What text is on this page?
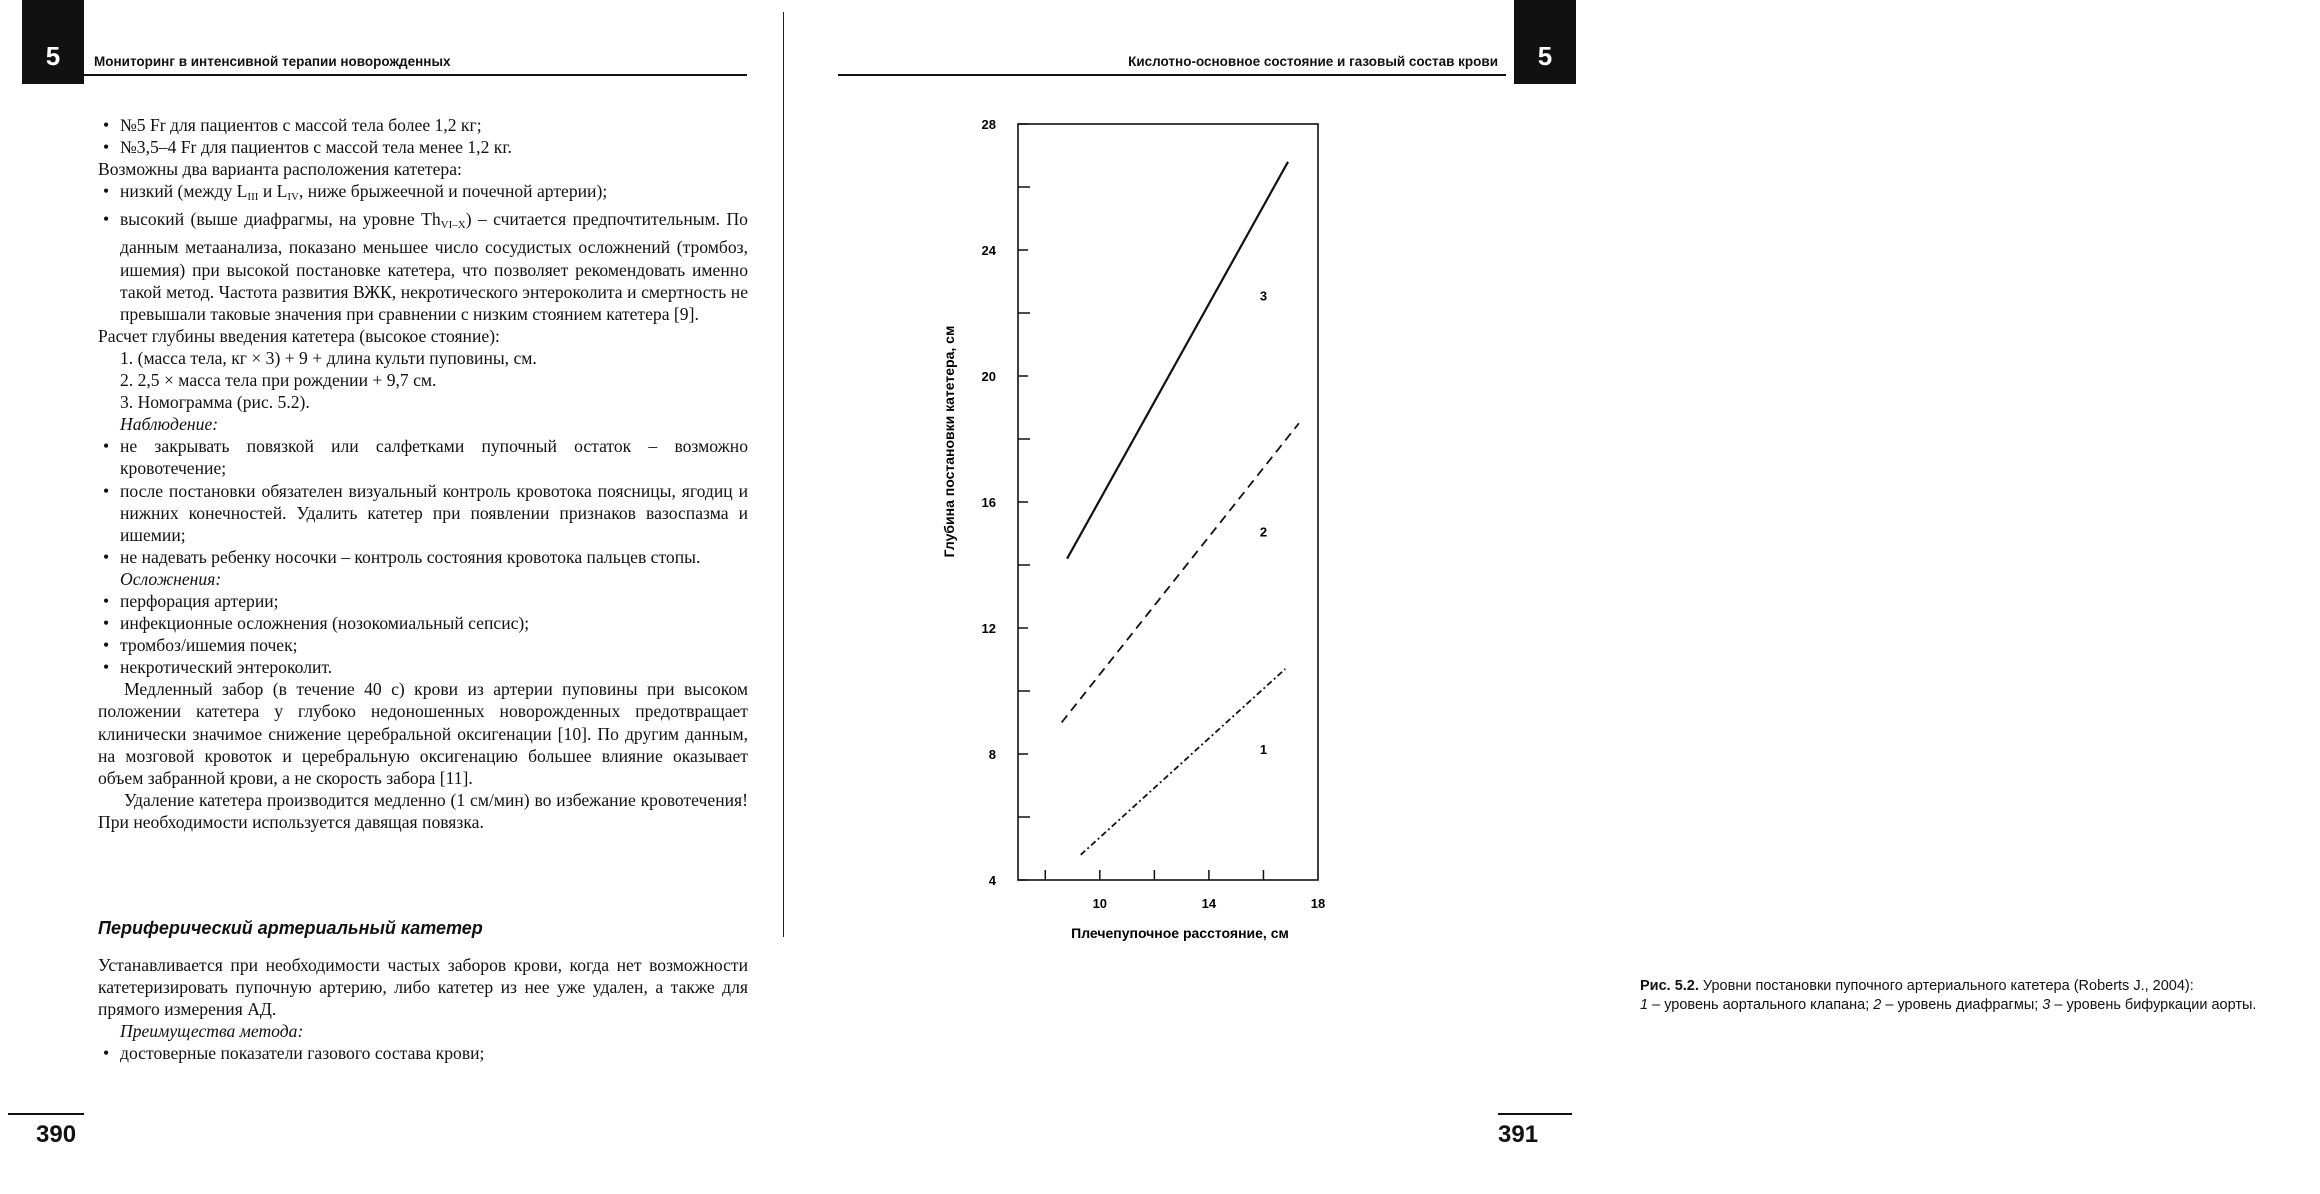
5	Мониторинг в интенсивной терапии новорожденных

• №5 Fr для пациентов с массой тела более 1,2 кг;

• №3,5–4 Fr для пациентов с массой тела менее 1,2 кг.

Возможны два варианта расположения катетера:

• низкий (между $L_{III}$ и $L_{IV}$, ниже брыжеечной и почечной артерии);

• высокий (выше диафрагмы, на уровне $Th_{VI-X}$) – считается предпочтительным. По данным метаанализа, показано меньшее число сосудистых осложнений (тромбоз, ишемия) при высокой постановке катетера, что позволяет рекомендовать именно такой метод. Частота развития ВЖК, некротического энтероколита и смертность не превышали таковые значения при сравнении с низким стоянием катетера [9].

Расчет глубины введения катетера (высокое стояние):

1. (масса тела, кг × 3) + 9 + длина культи пуповины, см.

2. 2,5 × масса тела при рождении + 9,7 см.

3. Номограмма (рис. 5.2).

Наблюдение:

• не закрывать повязкой или салфетками пупочный остаток – возможно кровотечение;

• после постановки обязателен визуальный контроль кровотока поясницы, ягодиц и нижних конечностей. Удалить катетер при появлении признаков вазоспазма и ишемии;

• не надевать ребенку носочки – контроль состояния кровотока пальцев стопы.

Осложнения:

• перфорация артерии;

• инфекционные осложнения (нозокомиальный сепсис);

• тромбоз/ишемия почек;

• некротический энтероколит.

Медленный забор (в течение 40 с) крови из артерии пуповины при высоком положении катетера у глубоко недоношенных новорожденных предотвращает клинически значимое снижение церебральной оксигенации [10]. По другим данным, на мозговой кровоток и церебральную оксигенацию большее влияние оказывает объем забранной крови, а не скорость забора [11].

Удаление катетера производится медленно (1 см/мин) во избежание кровотечения! При необходимости используется давящая повязка.

Периферический артериальный катетер

Устанавливается при необходимости частых заборов крови, когда нет возможности катетеризировать пупочную артерию, либо катетер из нее уже удален, а также для прямого измерения АД.

Преимущества метода:

• достоверные показатели газового состава крови;

390
Кислотно-основное состояние и газовый состав крови	5
4
8
12
16
20
24
28
10	14	18
1
2
3
Глубина постановки катетера, см
Плечепупочное расстояние, см
Рис. 5.2. Уровни постановки пупочного артериального катетера (Roberts J., 2004):
1 – уровень аортального клапана; 2 – уровень диафрагмы; 3 – уровень бифуркации аорты.
391
